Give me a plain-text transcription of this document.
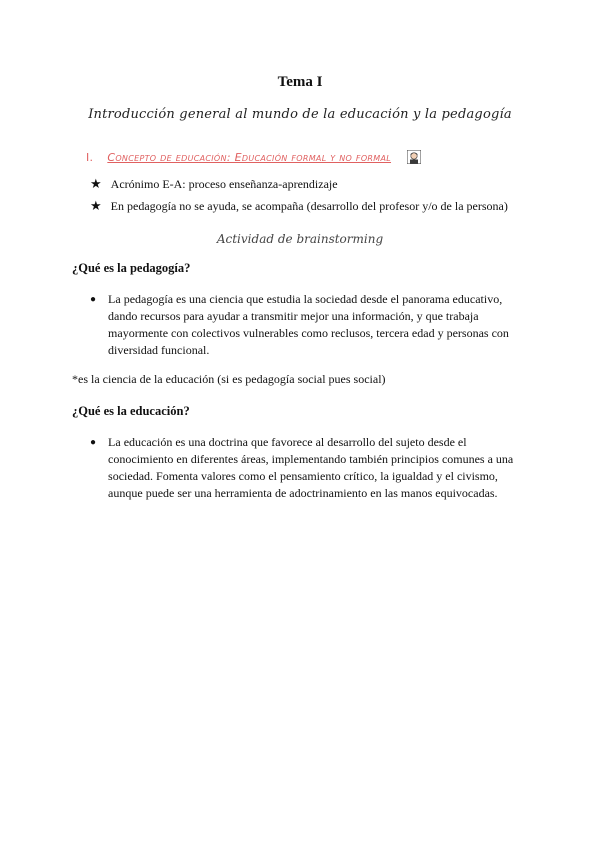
Tema I
Introducción general al mundo de la educación y la pedagogía
I. Concepto de educación: Educación formal y no formal
★ Acrónimo E-A: proceso enseñanza-aprendizaje
★ En pedagogía no se ayuda, se acompaña (desarrollo del profesor y/o de la persona)
Actividad de brainstorming
¿Qué es la pedagogía?
● La pedagogía es una ciencia que estudia la sociedad desde el panorama educativo, dando recursos para ayudar a transmitir mejor una información, y que trabaja mayormente con colectivos vulnerables como reclusos, tercera edad y personas con diversidad funcional.
*es la ciencia de la educación (si es pedagogía social pues social)
¿Qué es la educación?
● La educación es una doctrina que favorece al desarrollo del sujeto desde el conocimiento en diferentes áreas, implementando también principios comunes a una sociedad. Fomenta valores como el pensamiento crítico, la igualdad y el civismo, aunque puede ser una herramienta de adoctrinamiento en las manos equivocadas.
